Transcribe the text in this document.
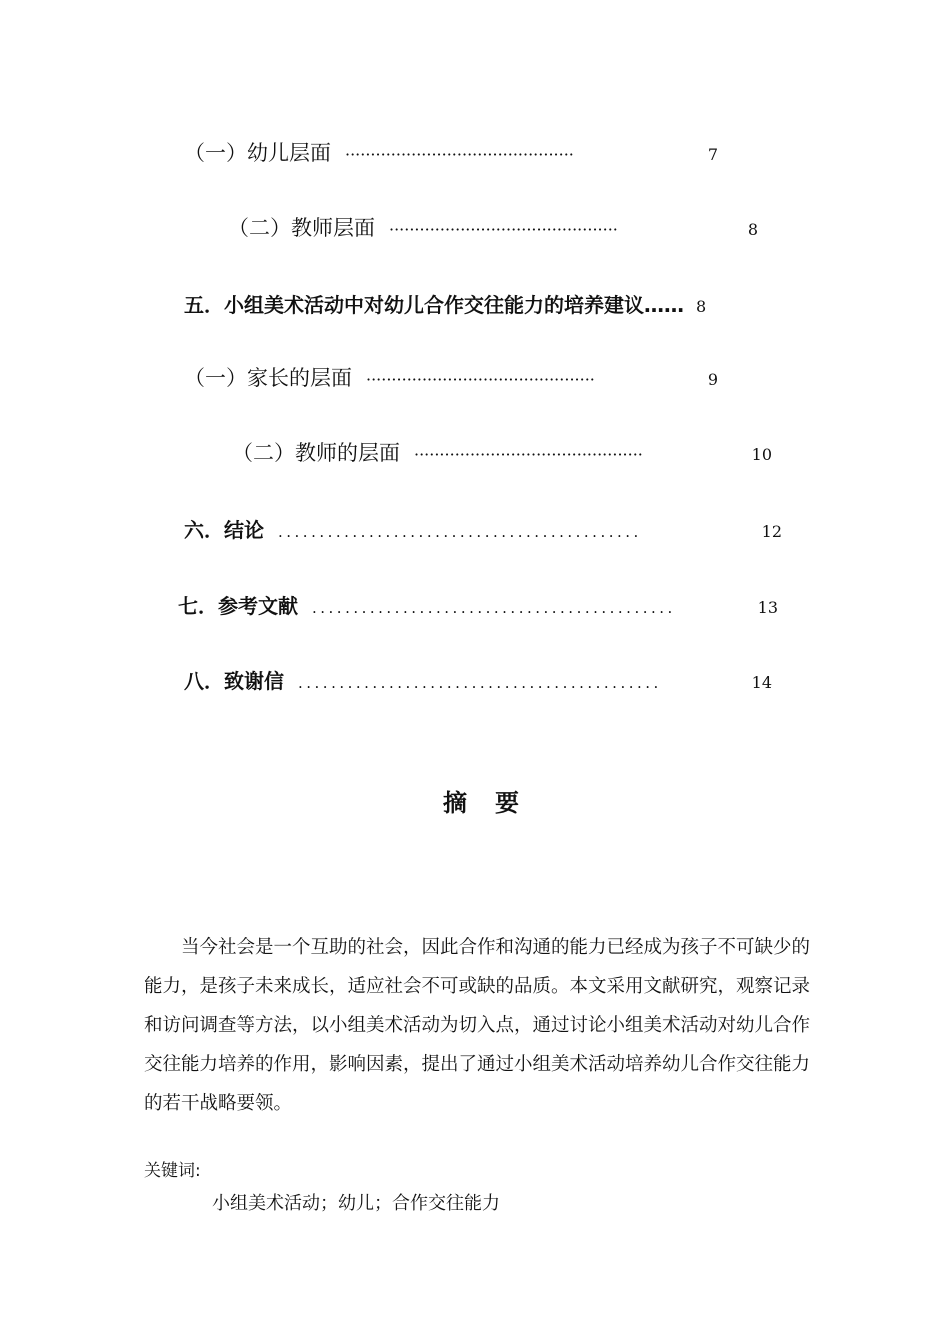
（一）幼儿层面 ·············································	7
（二）教师层面 ·············································	8
五．小组美术活动中对幼儿合作交往能力的培养建议…… 8
（一）家长的层面 ·············································	9
（二）教师的层面 ·············································	10
六．结论 ............................................	12
七．参考文献 ............................................	13
八．致谢信 ............................................	14
摘要
当今社会是一个互助的社会，因此合作和沟通的能力已经成为孩子不可缺少的能力，是孩子未来成长，适应社会不可或缺的品质。本文采用文献研究，观察记录和访问调查等方法，以小组美术活动为切入点，通过讨论小组美术活动对幼儿合作交往能力培养的作用，影响因素，提出了通过小组美术活动培养幼儿合作交往能力的若干战略要领。
关键词:
小组美术活动；幼儿；合作交往能力
